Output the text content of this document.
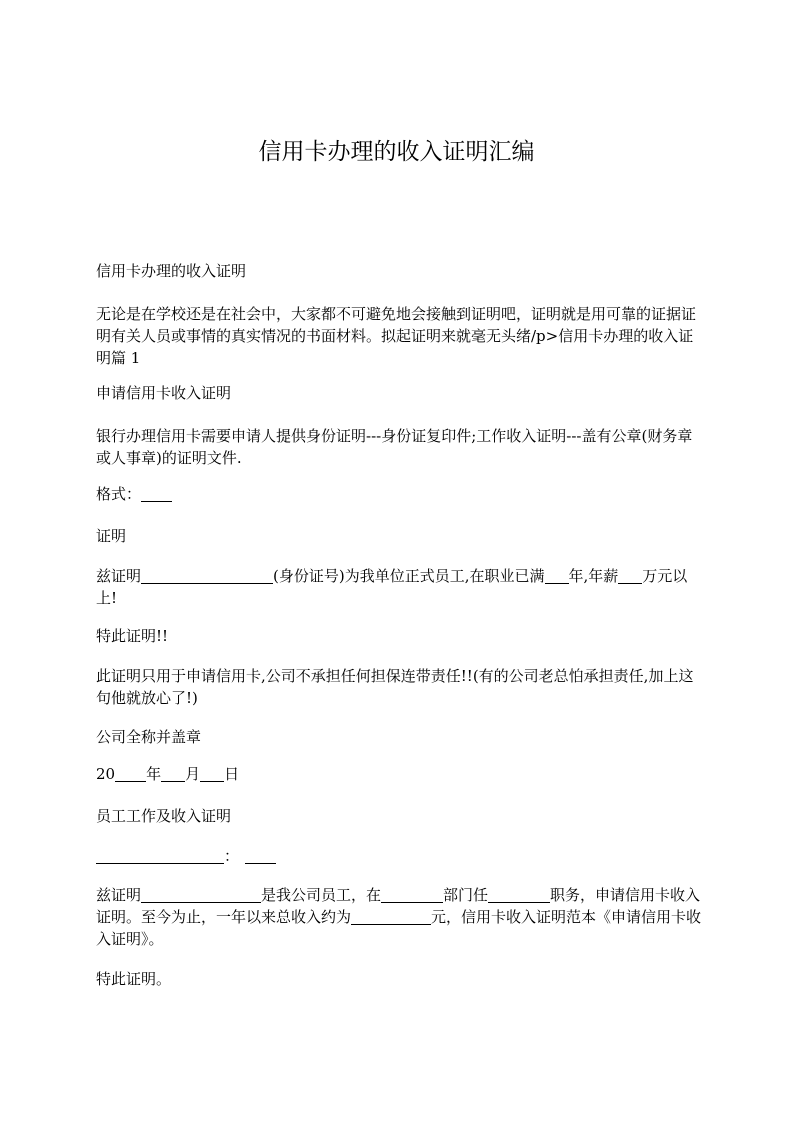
信用卡办理的收入证明汇编

信用卡办理的收入证明

无论是在学校还是在社会中，大家都不可避免地会接触到证明吧，证明就是用可靠的证据证明有关人员或事情的真实情况的书面材料。拟起证明来就毫无头绪/p>信用卡办理的收入证明篇 1

申请信用卡收入证明

银行办理信用卡需要申请人提供身份证明---身份证复印件;工作收入证明---盖有公章(财务章或人事章)的证明文件.

格式：

证明

兹证明	(身份证号)为我单位正式员工,在职业已满 年,年薪 万元以上!

特此证明!!

此证明只用于申请信用卡,公司不承担任何担保连带责任!!(有的公司老总怕承担责任,加上这句他就放心了!)

公司全称并盖章

20 年 月 日

员工工作及收入证明

：

兹证明	是我公司员工，在	部门任	职务，申请信用卡收入证明。至今为止，一年以来总收入约为	元，信用卡收入证明范本《申请信用卡收入证明》。

特此证明。
